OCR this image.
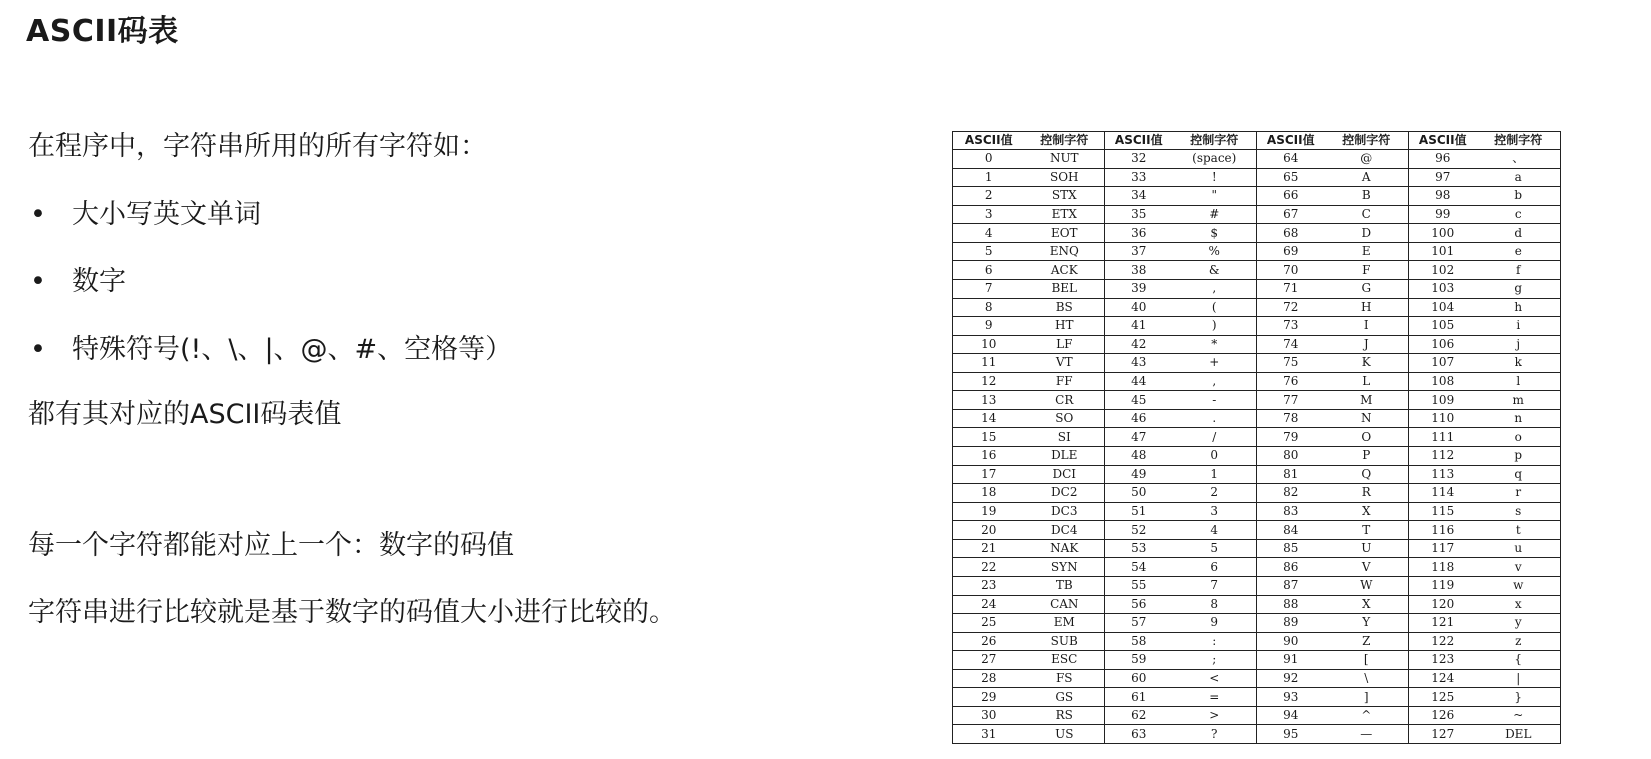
ASCII码表
在程序中，字符串所用的所有字符如：
• 大小写英文单词
• 数字
• 特殊符号(!、\、|、@、#、空格等）
都有其对应的ASCII码表值
每一个字符都能对应上一个：数字的码值
字符串进行比较就是基于数字的码值大小进行比较的。
ASCII值	控制字符	ASCII值	控制字符	ASCII值	控制字符	ASCII值	控制字符
0	NUT	32	(space)	64	@	96	、
1	SOH	33	!	65	A	97	a
2	STX	34	"	66	B	98	b
3	ETX	35	#	67	C	99	c
4	EOT	36	$	68	D	100	d
5	ENQ	37	%	69	E	101	e
6	ACK	38	&	70	F	102	f
7	BEL	39	,	71	G	103	g
8	BS	40	(	72	H	104	h
9	HT	41	)	73	I	105	i
10	LF	42	*	74	J	106	j
11	VT	43	+	75	K	107	k
12	FF	44	,	76	L	108	l
13	CR	45	-	77	M	109	m
14	SO	46	.	78	N	110	n
15	SI	47	/	79	O	111	o
16	DLE	48	0	80	P	112	p
17	DCI	49	1	81	Q	113	q
18	DC2	50	2	82	R	114	r
19	DC3	51	3	83	X	115	s
20	DC4	52	4	84	T	116	t
21	NAK	53	5	85	U	117	u
22	SYN	54	6	86	V	118	v
23	TB	55	7	87	W	119	w
24	CAN	56	8	88	X	120	x
25	EM	57	9	89	Y	121	y
26	SUB	58	:	90	Z	122	z
27	ESC	59	;	91	[	123	{
28	FS	60	<	92	\	124	|
29	GS	61	=	93	]	125	}
30	RS	62	>	94	^	126	~
31	US	63	?	95	—	127	DEL
